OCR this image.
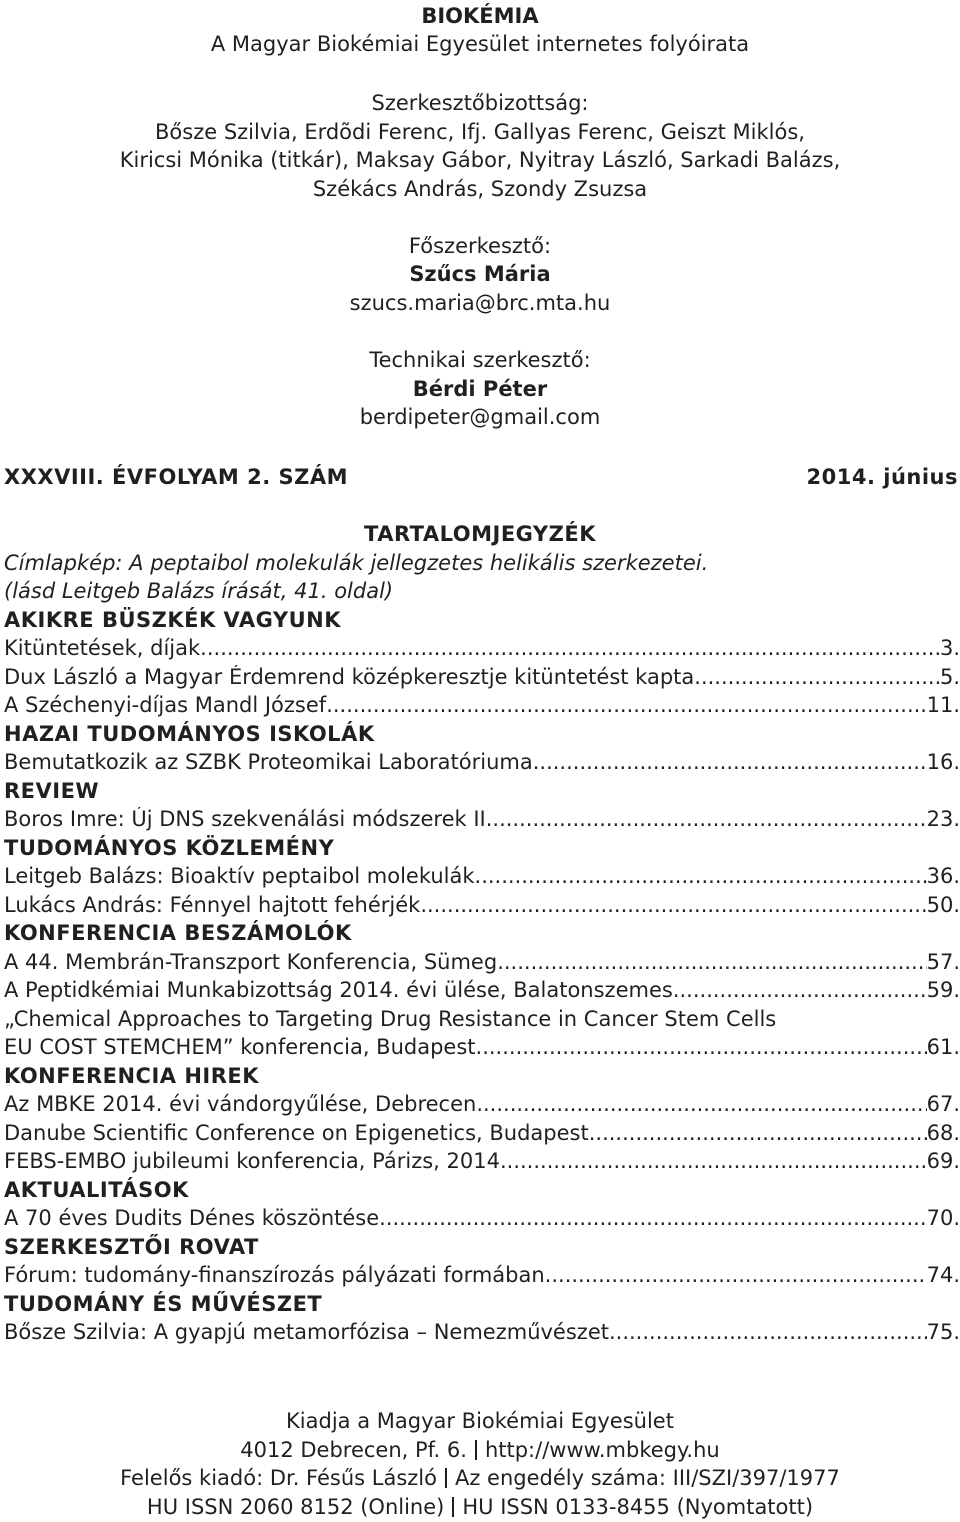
BIOKÉMIA
A Magyar Biokémiai Egyesület internetes folyóirata
Szerkesztőbizottság:
Bősze Szilvia, Erdõdi Ferenc, Ifj. Gallyas Ferenc, Geiszt Miklós,
Kiricsi Mónika (titkár), Maksay Gábor, Nyitray László, Sarkadi Balázs,
Székács András, Szondy Zsuzsa
Főszerkesztő:
Szűcs Mária
szucs.maria@brc.mta.hu
Technikai szerkesztő:
Bérdi Péter
berdipeter@gmail.com
XXXVIII. ÉVFOLYAM 2. SZÁM	2014. június
TARTALOMJEGYZÉK
Címlapkép: A peptaibol molekulák jellegzetes helikális szerkezetei.
(lásd Leitgeb Balázs írását, 41. oldal)
AKIKRE BÜSZKÉK VAGYUNK
Kitüntetések, díjak .....	3.
Dux László a Magyar Érdemrend középkeresztje kitüntetést kapta .....	5.
A Széchenyi-díjas Mandl József .....	11.
HAZAI TUDOMÁNYOS ISKOLÁK
Bemutatkozik az SZBK Proteomikai Laboratóriuma .....	16.
REVIEW
Boros Imre: Új DNS szekvenálási módszerek II. .....	23.
TUDOMÁNYOS KÖZLEMÉNY
Leitgeb Balázs: Bioaktív peptaibol molekulák .....	36.
Lukács András: Fénnyel hajtott fehérjék .....	50.
KONFERENCIA BESZÁMOLÓK
A 44. Membrán-Transzport Konferencia, Sümeg .....	57.
A Peptidkémiai Munkabizottság 2014. évi ülése, Balatonszemes .....	59.
„Chemical Approaches to Targeting Drug Resistance in Cancer Stem Cells
EU COST STEMCHEM” konferencia, Budapest .....	61.
KONFERENCIA HIREK
Az MBKE 2014. évi vándorgyűlése, Debrecen .....	67.
Danube Scientific Conference on Epigenetics, Budapest .....	68.
FEBS-EMBO jubileumi konferencia, Párizs, 2014 .....	69.
AKTUALITÁSOK
A 70 éves Dudits Dénes köszöntése .....	70.
SZERKESZTŐI ROVAT
Fórum: tudomány-finanszírozás pályázati formában .....	74.
TUDOMÁNY ÉS MŰVÉSZET
Bősze Szilvia: A gyapjú metamorfózisa – Nemezművészet .....	75.
Kiadja a Magyar Biokémiai Egyesület
4012 Debrecen, Pf. 6. http://www.mbkegy.hu
Felelős kiadó: Dr. Fésűs László Az engedély száma: III/SZI/397/1977
HU ISSN 2060 8152 (Online) HU ISSN 0133-8455 (Nyomtatott)
